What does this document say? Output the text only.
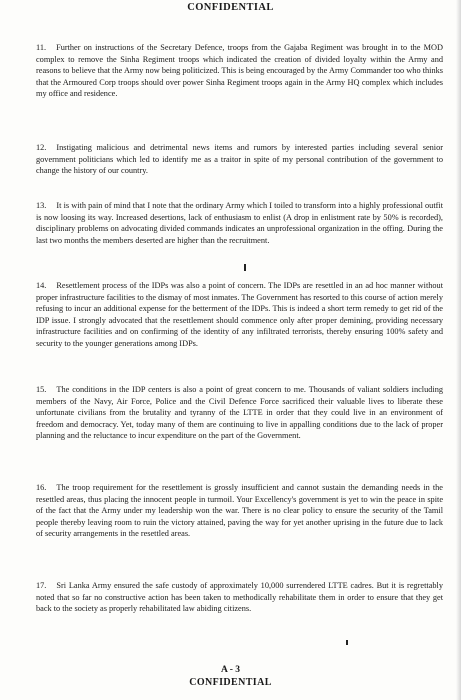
CONFIDENTIAL

11. Further on instructions of the Secretary Defence, troops from the Gajaba Regiment was brought in to the MOD complex to remove the Sinha Regiment troops which indicated the creation of divided loyalty within the Army and reasons to believe that the Army now being politicized. This is being encouraged by the Army Commander too who thinks that the Armoured Corp troops should over power Sinha Regiment troops again in the Army HQ complex which includes my office and residence.

12. Instigating malicious and detrimental news items and rumors by interested parties including several senior government politicians which led to identify me as a traitor in spite of my personal contribution of the government to change the history of our country.

13. It is with pain of mind that I note that the ordinary Army which I toiled to transform into a highly professional outfit is now loosing its way. Increased desertions, lack of enthusiasm to enlist (A drop in enlistment rate by 50% is recorded), disciplinary problems on advocating divided commands indicates an unprofessional organization in the offing. During the last two months the members deserted are higher than the recruitment.

14. Resettlement process of the IDPs was also a point of concern. The IDPs are resettled in an ad hoc manner without proper infrastructure facilities to the dismay of most inmates. The Government has resorted to this course of action merely refusing to incur an additional expense for the betterment of the IDPs. This is indeed a short term remedy to get rid of the IDP issue. I strongly advocated that the resettlement should commence only after proper demining, providing necessary infrastructure facilities and on confirming of the identity of any infiltrated terrorists, thereby ensuring 100% safety and security to the younger generations among IDPs.

15. The conditions in the IDP centers is also a point of great concern to me. Thousands of valiant soldiers including members of the Navy, Air Force, Police and the Civil Defence Force sacrificed their valuable lives to liberate these unfortunate civilians from the brutality and tyranny of the LTTE in order that they could live in an environment of freedom and democracy. Yet, today many of them are continuing to live in appalling conditions due to the lack of proper planning and the reluctance to incur expenditure on the part of the Government.

16. The troop requirement for the resettlement is grossly insufficient and cannot sustain the demanding needs in the resettled areas, thus placing the innocent people in turmoil. Your Excellency's government is yet to win the peace in spite of the fact that the Army under my leadership won the war. There is no clear policy to ensure the security of the Tamil people thereby leaving room to ruin the victory attained, paving the way for yet another uprising in the future due to lack of security arrangements in the resettled areas.

17. Sri Lanka Army ensured the safe custody of approximately 10,000 surrendered LTTE cadres. But it is regrettably noted that so far no constructive action has been taken to methodically rehabilitate them in order to ensure that they get back to the society as properly rehabilitated law abiding citizens.

A - 3
CONFIDENTIAL
